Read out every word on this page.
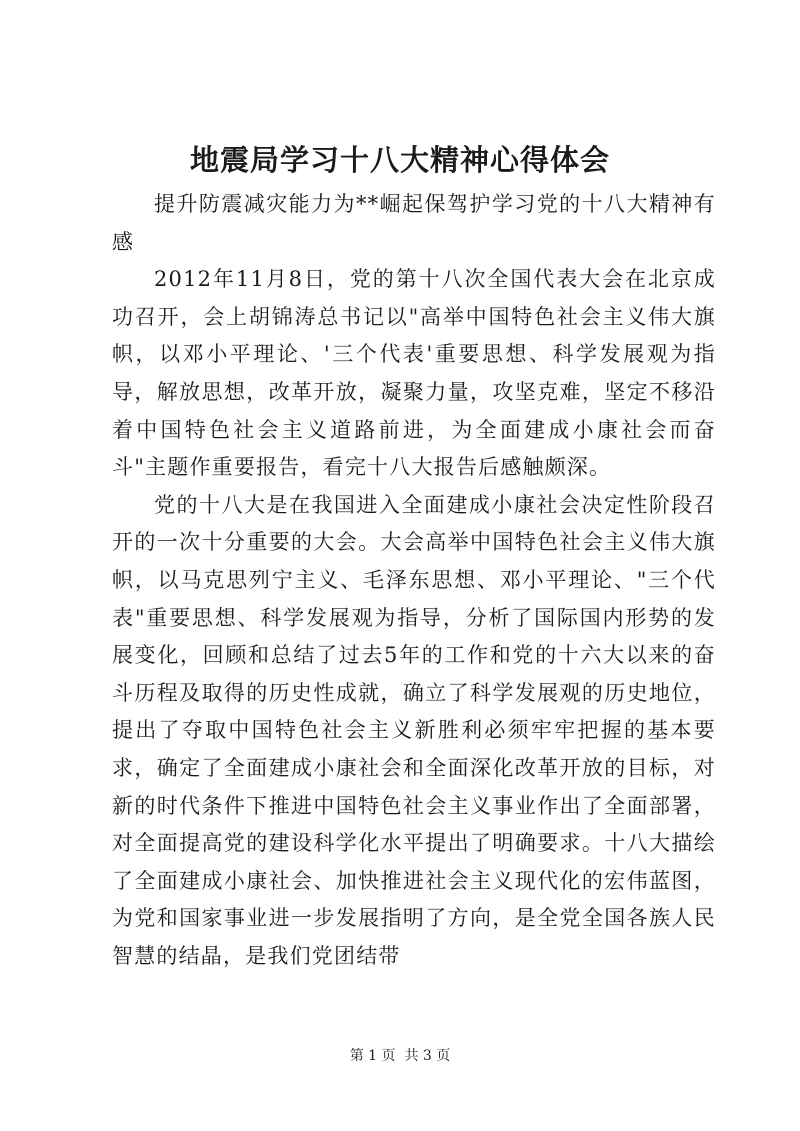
地震局学习十八大精神心得体会

提升防震减灾能力为**崛起保驾护学习党的十八大精神有感

2012年11月8日，党的第十八次全国代表大会在北京成功召开，会上胡锦涛总书记以"高举中国特色社会主义伟大旗帜，以邓小平理论、'三个代表'重要思想、科学发展观为指导，解放思想，改革开放，凝聚力量，攻坚克难，坚定不移沿着中国特色社会主义道路前进，为全面建成小康社会而奋斗"主题作重要报告，看完十八大报告后感触颇深。

党的十八大是在我国进入全面建成小康社会决定性阶段召开的一次十分重要的大会。大会高举中国特色社会主义伟大旗帜，以马克思列宁主义、毛泽东思想、邓小平理论、"三个代表"重要思想、科学发展观为指导，分析了国际国内形势的发展变化，回顾和总结了过去5年的工作和党的十六大以来的奋斗历程及取得的历史性成就，确立了科学发展观的历史地位，提出了夺取中国特色社会主义新胜利必须牢牢把握的基本要求，确定了全面建成小康社会和全面深化改革开放的目标，对新的时代条件下推进中国特色社会主义事业作出了全面部署，对全面提高党的建设科学化水平提出了明确要求。十八大描绘了全面建成小康社会、加快推进社会主义现代化的宏伟蓝图，为党和国家事业进一步发展指明了方向，是全党全国各族人民智慧的结晶，是我们党团结带

第 1 页  共 3 页
